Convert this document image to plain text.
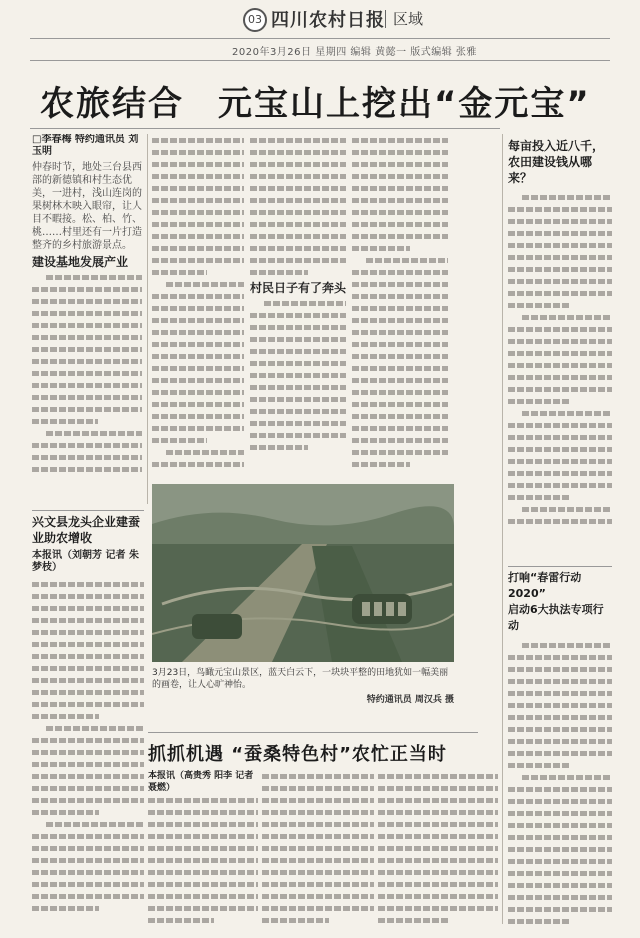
03 四川农村日报 区域
2020年3月26日 星期四 编辑 黄懿一 版式编辑 张雅
农旅结合 元宝山上挖出“金元宝”
□李春梅 特约通讯员 刘玉明
仲春时节，地处三台县西部的新德镇和村生态优美，一进村，浅山连岗的果树林木映入眼帘，让人目不暇接。松、柏、竹、桃……村里还有一片打造整齐的乡村旅游景点。
建设基地发展产业
村民日子有了奔头
兴文县龙头企业建蚕业助农增收
本报讯（刘朝芳 记者 朱梦枝）
每亩投入近八千，
农田建设钱从哪来？
打响“春雷行动2020”
启动6大执法专项行动
3月23日，鸟瞰元宝山景区，蓝天白云下，一块块平整的田地犹如一幅美丽的画卷，让人心旷神怡。
特约通讯员 周汉兵 摄
抓抓机遇 “蚕桑特色村”农忙正当时
本报讯（高贵秀 阳李 记者 聂燃）
